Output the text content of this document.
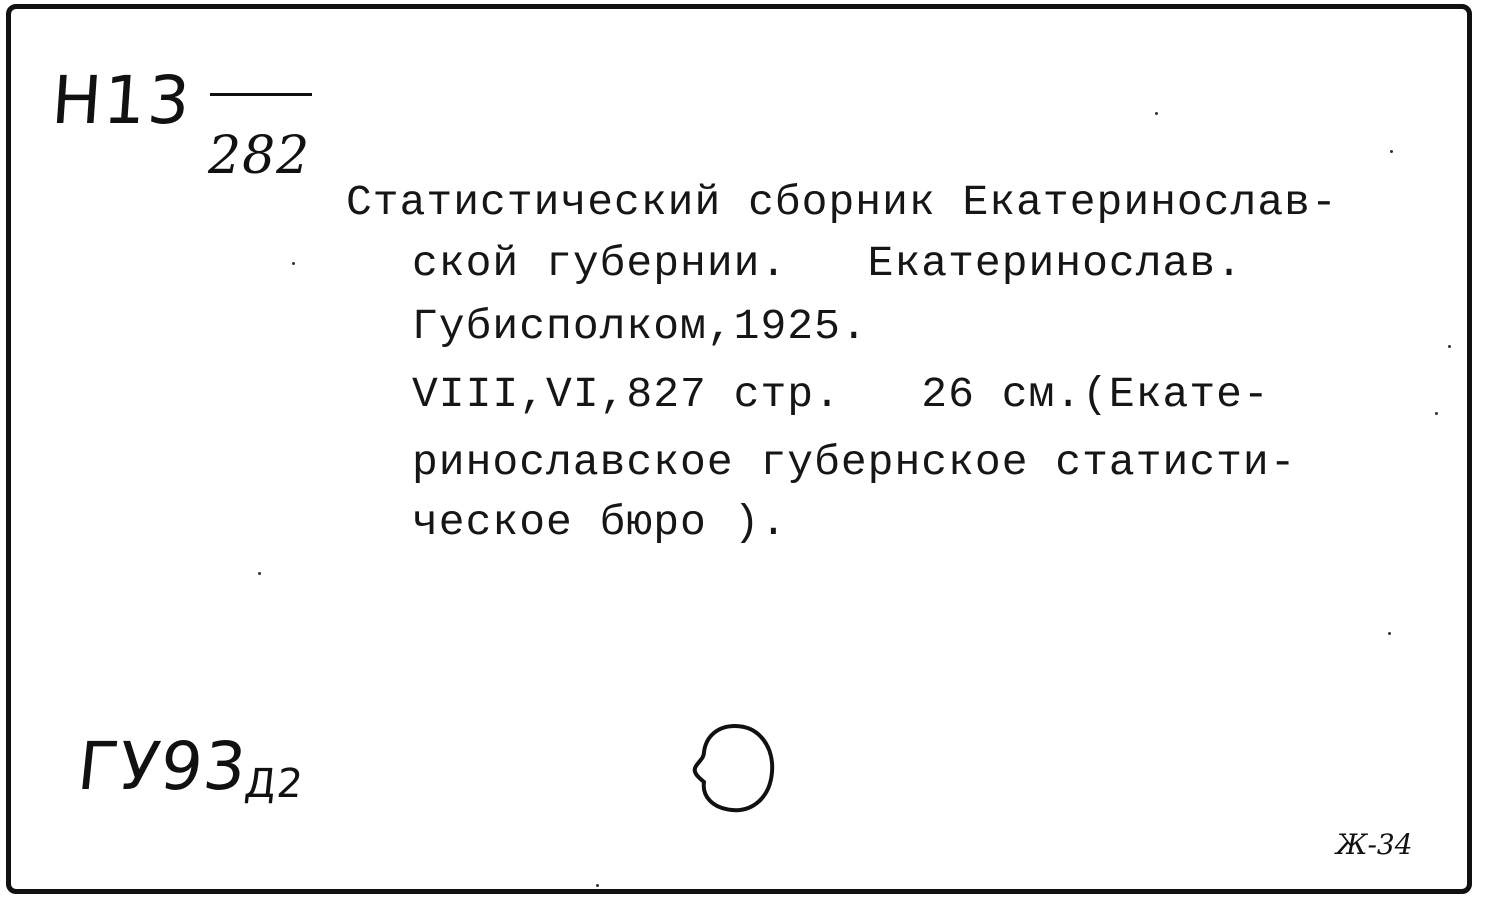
Н13
282
Статистический сборник Екатеринослав-
ской губернии.   Екатеринослав.
Губисполком,1925.
VIII,VI,827 стр.   26 см.(Екате-
ринославское губернское статисти-
ческое бюро ).
$ГУ93_{Д2}$
Ж-34
